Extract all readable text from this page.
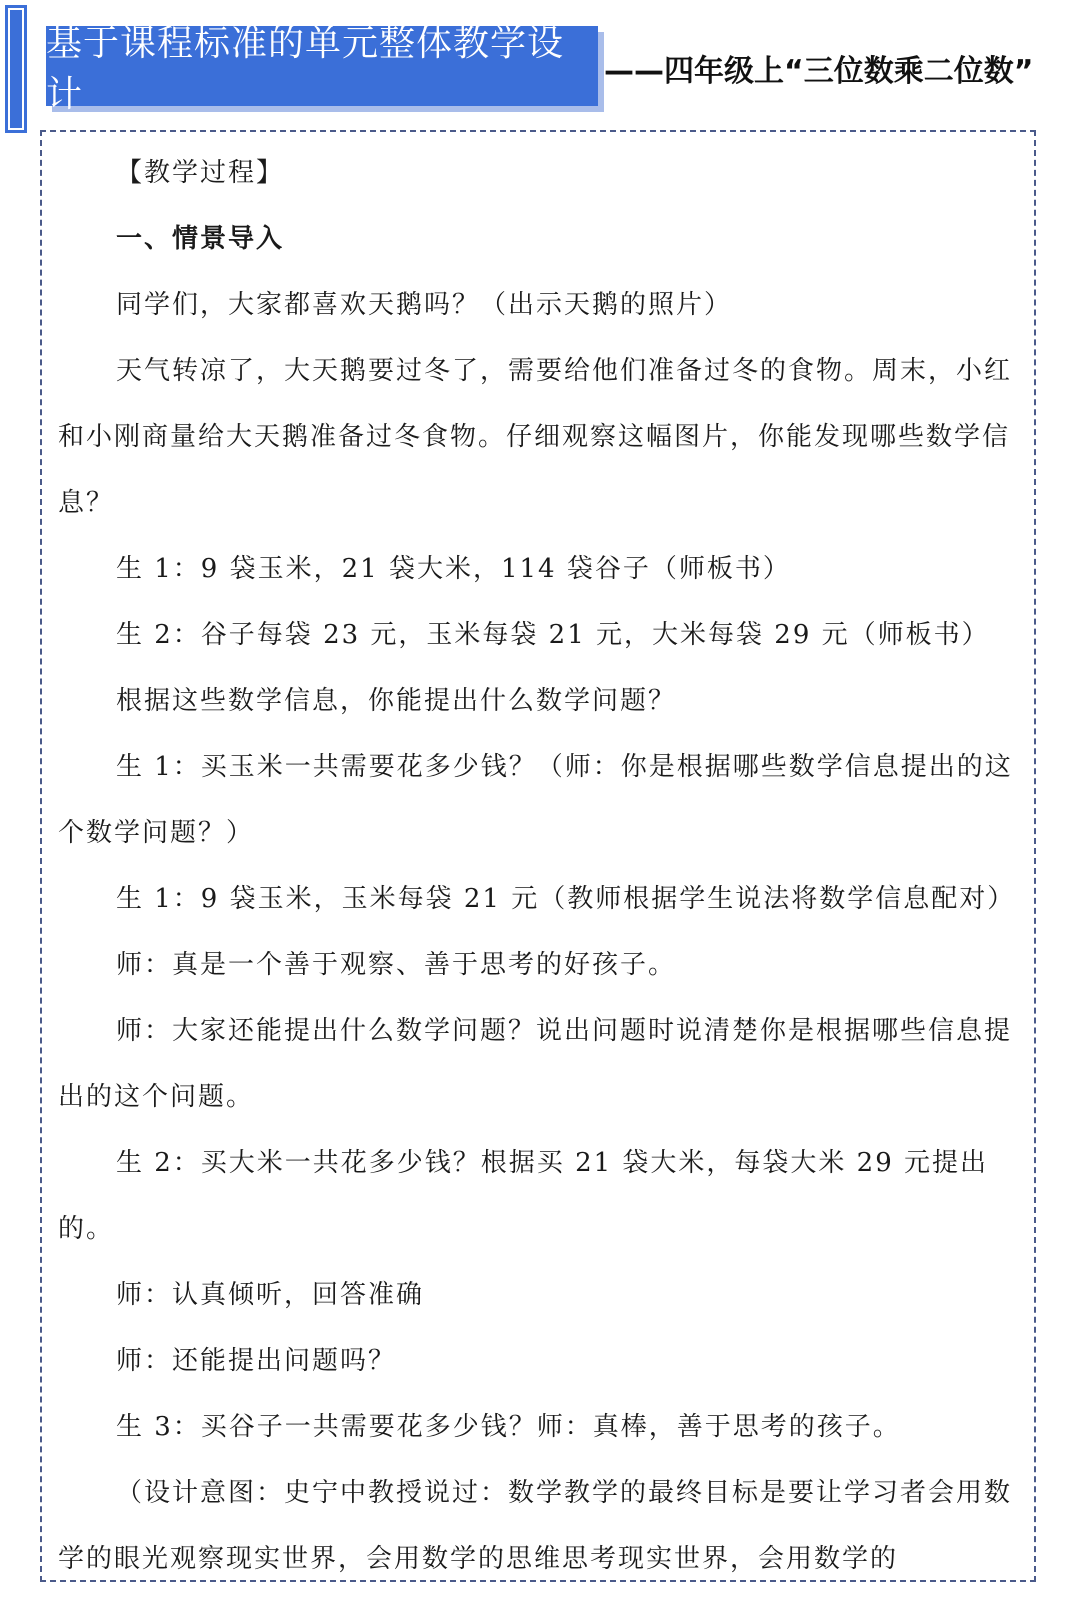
基于课程标准的单元整体教学设计
——四年级上“三位数乘二位数”

【教学过程】

一、情景导入

同学们，大家都喜欢天鹅吗？（出示天鹅的照片）

天气转凉了，大天鹅要过冬了，需要给他们准备过冬的食物。周末，小红和小刚商量给大天鹅准备过冬食物。仔细观察这幅图片，你能发现哪些数学信息？

生 1：9 袋玉米，21 袋大米，114 袋谷子（师板书）

生 2：谷子每袋 23 元，玉米每袋 21 元，大米每袋 29 元（师板书）

根据这些数学信息，你能提出什么数学问题？

生 1：买玉米一共需要花多少钱？（师：你是根据哪些数学信息提出的这个数学问题？）

生 1：9 袋玉米，玉米每袋 21 元（教师根据学生说法将数学信息配对）

师：真是一个善于观察、善于思考的好孩子。

师：大家还能提出什么数学问题？说出问题时说清楚你是根据哪些信息提出的这个问题。

生 2：买大米一共花多少钱？根据买 21 袋大米，每袋大米 29 元提出的。

师：认真倾听，回答准确

师：还能提出问题吗？

生 3：买谷子一共需要花多少钱？师：真棒，善于思考的孩子。

（设计意图：史宁中教授说过：数学教学的最终目标是要让学习者会用数学的眼光观察现实世界，会用数学的思维思考现实世界，会用数学的
